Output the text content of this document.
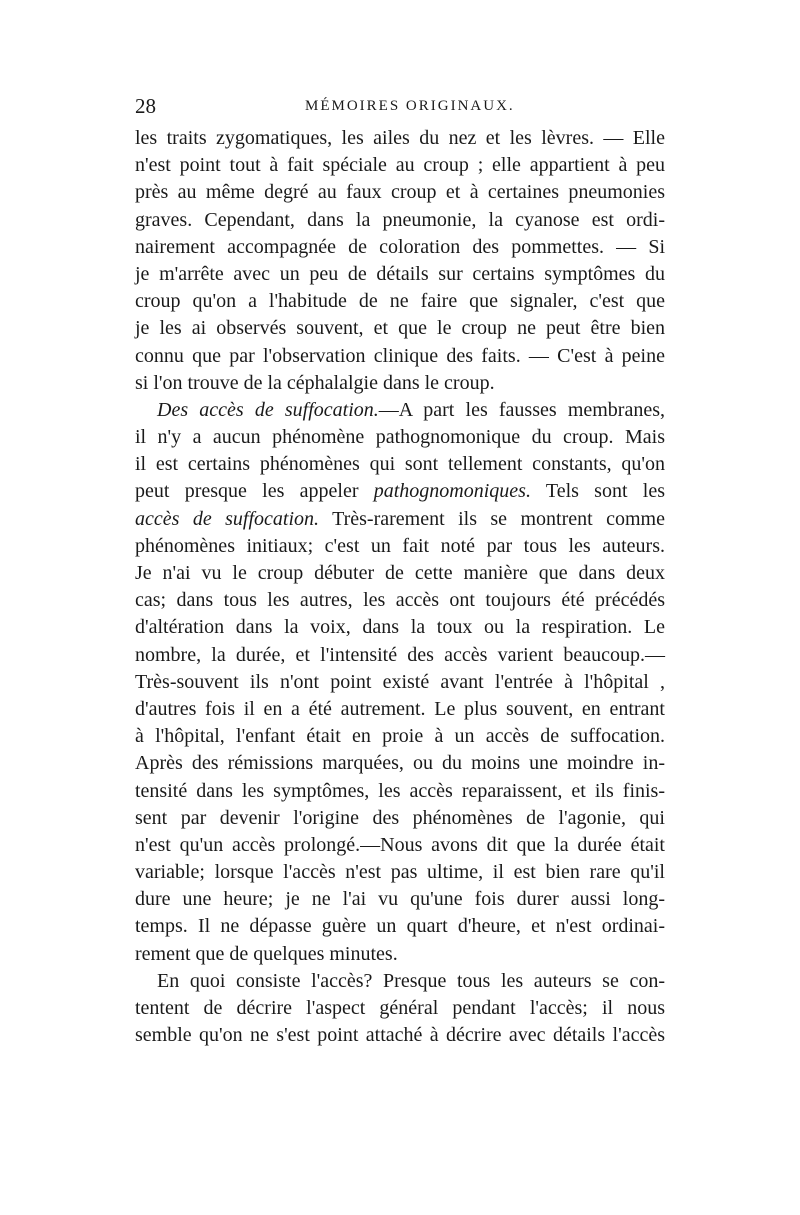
28	MÉMOIRES ORIGINAUX.
les traits zygomatiques, les ailes du nez et les lèvres. — Elle
n'est point tout à fait spéciale au croup ; elle appartient à peu
près au même degré au faux croup et à certaines pneumonies
graves. Cependant, dans la pneumonie, la cyanose est ordi-
nairement accompagnée de coloration des pommettes. — Si
je m'arrête avec un peu de détails sur certains symptômes du
croup qu'on a l'habitude de ne faire que signaler, c'est que
je les ai observés souvent, et que le croup ne peut être bien
connu que par l'observation clinique des faits. — C'est à peine
si l'on trouve de la céphalalgie dans le croup.
Des accès de suffocation.—A part les fausses membranes,
il n'y a aucun phénomène pathognomonique du croup. Mais
il est certains phénomènes qui sont tellement constants, qu'on
peut presque les appeler pathognomoniques. Tels sont les
accès de suffocation. Très-rarement ils se montrent comme
phénomènes initiaux; c'est un fait noté par tous les auteurs.
Je n'ai vu le croup débuter de cette manière que dans deux
cas; dans tous les autres, les accès ont toujours été précédés
d'altération dans la voix, dans la toux ou la respiration. Le
nombre, la durée, et l'intensité des accès varient beaucoup.—
Très-souvent ils n'ont point existé avant l'entrée à l'hôpital ,
d'autres fois il en a été autrement. Le plus souvent, en entrant
à l'hôpital, l'enfant était en proie à un accès de suffocation.
Après des rémissions marquées, ou du moins une moindre in-
tensité dans les symptômes, les accès reparaissent, et ils finis-
sent par devenir l'origine des phénomènes de l'agonie, qui
n'est qu'un accès prolongé.—Nous avons dit que la durée était
variable; lorsque l'accès n'est pas ultime, il est bien rare qu'il
dure une heure; je ne l'ai vu qu'une fois durer aussi long-
temps. Il ne dépasse guère un quart d'heure, et n'est ordinai-
rement que de quelques minutes.
En quoi consiste l'accès? Presque tous les auteurs se con-
tentent de décrire l'aspect général pendant l'accès; il nous
semble qu'on ne s'est point attaché à décrire avec détails l'accès
